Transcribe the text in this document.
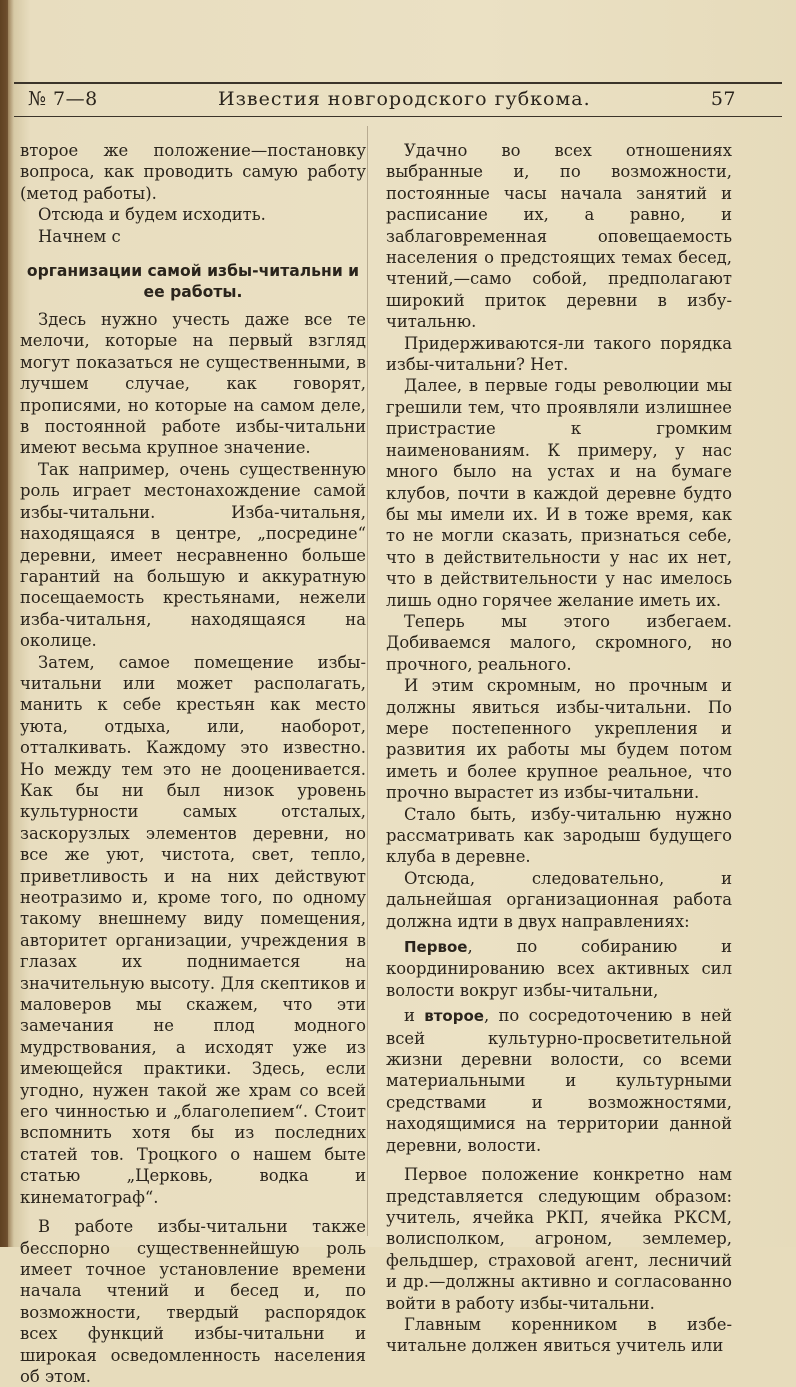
№ 7—8	Известия новгородского губкома.	57

второе же положение—постановку вопроса, как проводить самую работу (метод работы).

Отсюда и будем исходить.

Начнем с

организации самой избы-читальни и ее работы.

Здесь нужно учесть даже все те мелочи, которые на первый взгляд могут показаться не существенными, в лучшем случае, как говорят, прописями, но которые на самом деле, в постоянной работе избы-читальни имеют весьма крупное значение.

Так например, очень существенную роль играет местонахождение самой избы-читальни. Изба-читальня, находящаяся в центре, „посредине“ деревни, имеет несравненно больше гарантий на большую и аккуратную посещаемость крестьянами, нежели изба-читальня, находящаяся на околице.

Затем, самое помещение избы-читальни или может располагать, манить к себе крестьян как место уюта, отдыха, или, наоборот, отталкивать. Каждому это известно. Но между тем это не дооценивается. Как бы ни был низок уровень культурности самых отсталых, заскорузлых элементов деревни, но все же уют, чистота, свет, тепло, приветливость и на них действуют неотразимо и, кроме того, по одному такому внешнему виду помещения, авторитет организации, учреждения в глазах их поднимается на значительную высоту. Для скептиков и маловеров мы скажем, что эти замечания не плод модного мудрствования, а исходят уже из имеющейся практики. Здесь, если угодно, нужен такой же храм со всей его чинностью и „благолепием“. Стоит вспомнить хотя бы из последних статей тов. Троцкого о нашем быте статью „Церковь, водка и кинематограф“.

В работе избы-читальни также бесспорно существеннейшую роль имеет точное установление времени начала чтений и бесед и, по возможности, твердый распорядок всех функций избы-читальни и широкая осведомленность населения об этом.

Удачно во всех отношениях выбранные и, по возможности, постоянные часы начала занятий и расписание их, а равно, и заблаговременная оповещаемость населения о предстоящих темах бесед, чтений,—само собой, предполагают широкий приток деревни в избу-читальню.

Придерживаются-ли такого порядка избы-читальни? Нет.

Далее, в первые годы революции мы грешили тем, что проявляли излишнее пристрастие к громким наименованиям. К примеру, у нас много было на устах и на бумаге клубов, почти в каждой деревне будто бы мы имели их. И в тоже время, как то не могли сказать, признаться себе, что в действительности у нас их нет, что в действительности у нас имелось лишь одно горячее желание иметь их.

Теперь мы этого избегаем. Добиваемся малого, скромного, но прочного, реального.

И этим скромным, но прочным и должны явиться избы-читальни. По мере постепенного укрепления и развития их работы мы будем потом иметь и более крупное реальное, что прочно вырастет из избы-читальни.

Стало быть, избу-читальню нужно рассматривать как зародыш будущего клуба в деревне.

Отсюда, следовательно, и дальнейшая организационная работа должна идти в двух направлениях:

Первое, по собиранию и координированию всех активных сил волости вокруг избы-читальни,

и второе, по сосредоточению в ней всей культурно-просветительной жизни деревни волости, со всеми материальными и культурными средствами и возможностями, находящимися на территории данной деревни, волости.

Первое положение конкретно нам представляется следующим образом: учитель, ячейка РКП, ячейка РКСМ, волисполком, агроном, землемер, фельдшер, страховой агент, лесничий и др.—должны активно и согласованно войти в работу избы-читальни.

Главным коренником в избе-читальне должен явиться учитель или
